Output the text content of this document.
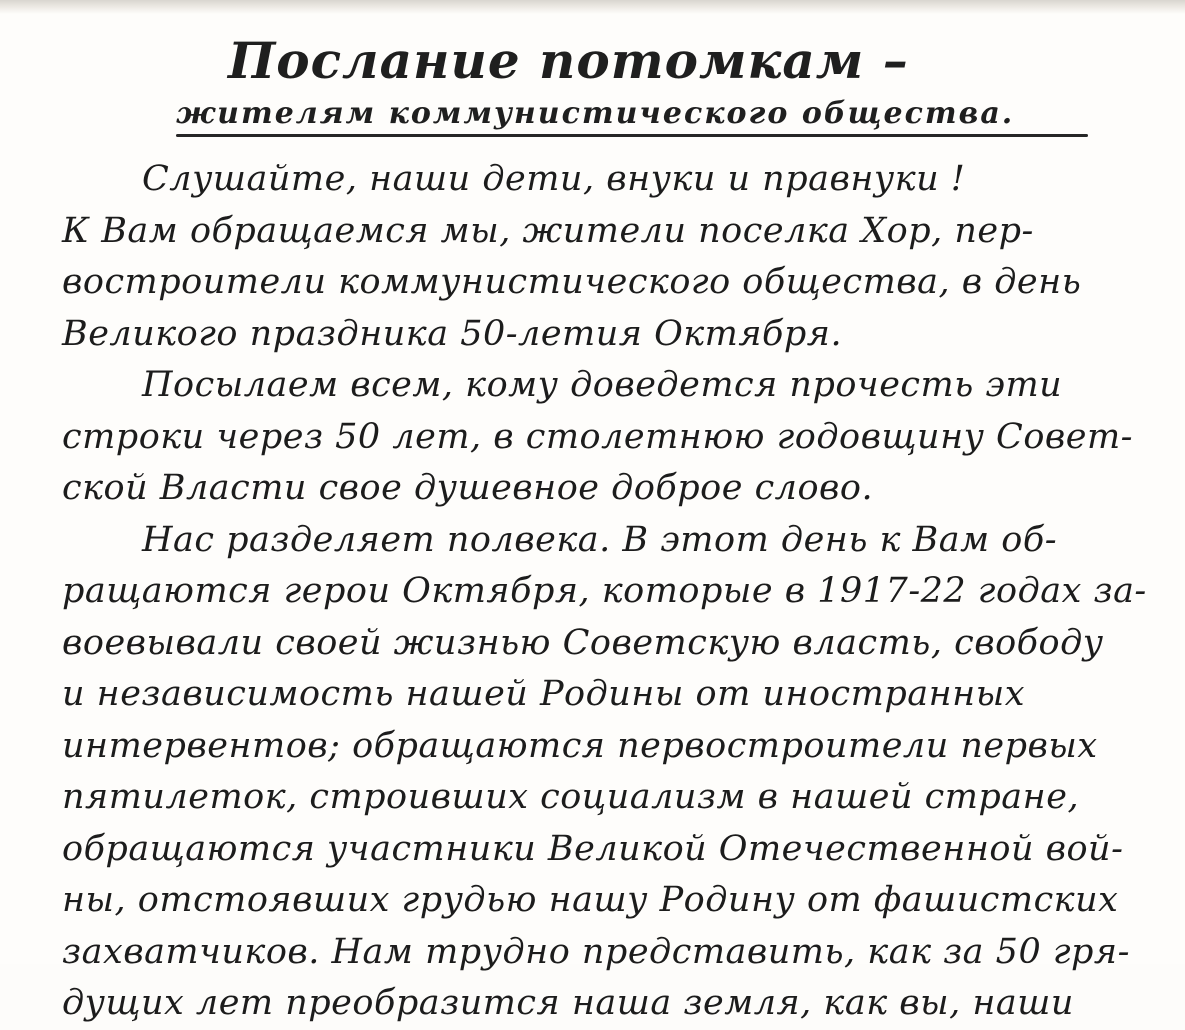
Послание потомкам –
жителям коммунистического общества.
Слушайте, наши дети, внуки и правнуки !
К Вам обращаемся мы, жители поселка Хор, пер-
востроители коммунистического общества, в день
Великого праздника 50-летия Октября.
Посылаем всем, кому доведется прочесть эти
строки через 50 лет, в столетнюю годовщину Совет-
ской Власти свое душевное доброе слово.
Нас разделяет полвека. В этот день к Вам об-
ращаются герои Октября, которые в 1917-22 годах за-
воевывали своей жизнью Советскую власть, свободу
и независимость нашей Родины от иностранных
интервентов; обращаются первостроители первых
пятилеток, строивших социализм в нашей стране,
обращаются участники Великой Отечественной вой-
ны, отстоявших грудью нашу Родину от фашистских
захватчиков. Нам трудно представить, как за 50 гря-
дущих лет преобразится наша земля, как вы, наши
